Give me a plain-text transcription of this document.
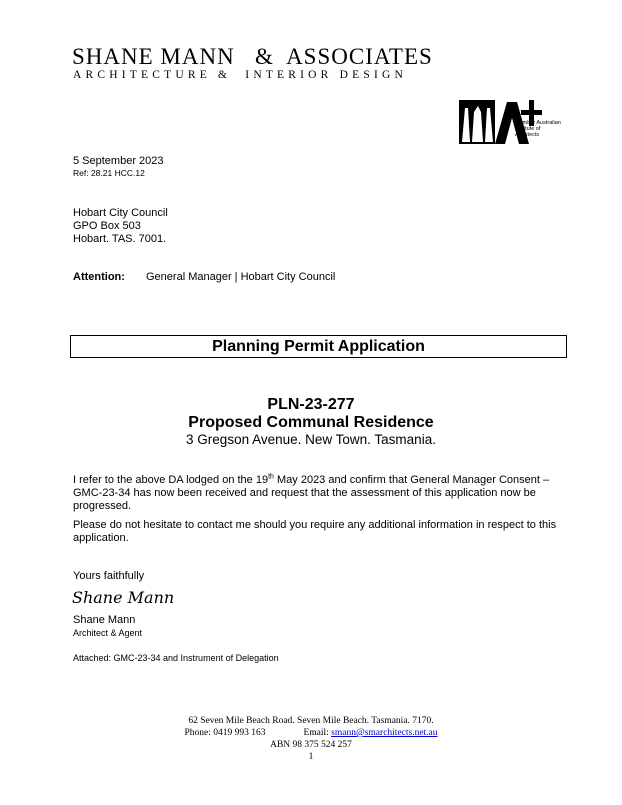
SHANE MANN   &  ASSOCIATES
ARCHITECTURE &  INTERIOR DESIGN
Member Australian Institute of Architects
5 September 2023
Ref: 28.21 HCC.12
Hobart City Council
GPO Box 503
Hobart. TAS. 7001.
Attention: General Manager | Hobart City Council
Planning Permit Application
PLN-23-277
Proposed Communal Residence
3 Gregson Avenue. New Town. Tasmania.
I refer to the above DA lodged on the 19th May 2023 and confirm that General Manager Consent – GMC-23-34 has now been received and request that the assessment of this application now be progressed.
Please do not hesitate to contact me should you require any additional information in respect to this application.
Yours faithfully
Shane Mann
Shane Mann
Architect & Agent
Attached: GMC-23-34 and Instrument of Delegation
62 Seven Mile Beach Road. Seven Mile Beach. Tasmania. 7170.
Phone: 0419 993 163	Email: smann@smarchitects.net.au
ABN 98 375 524 257
1
